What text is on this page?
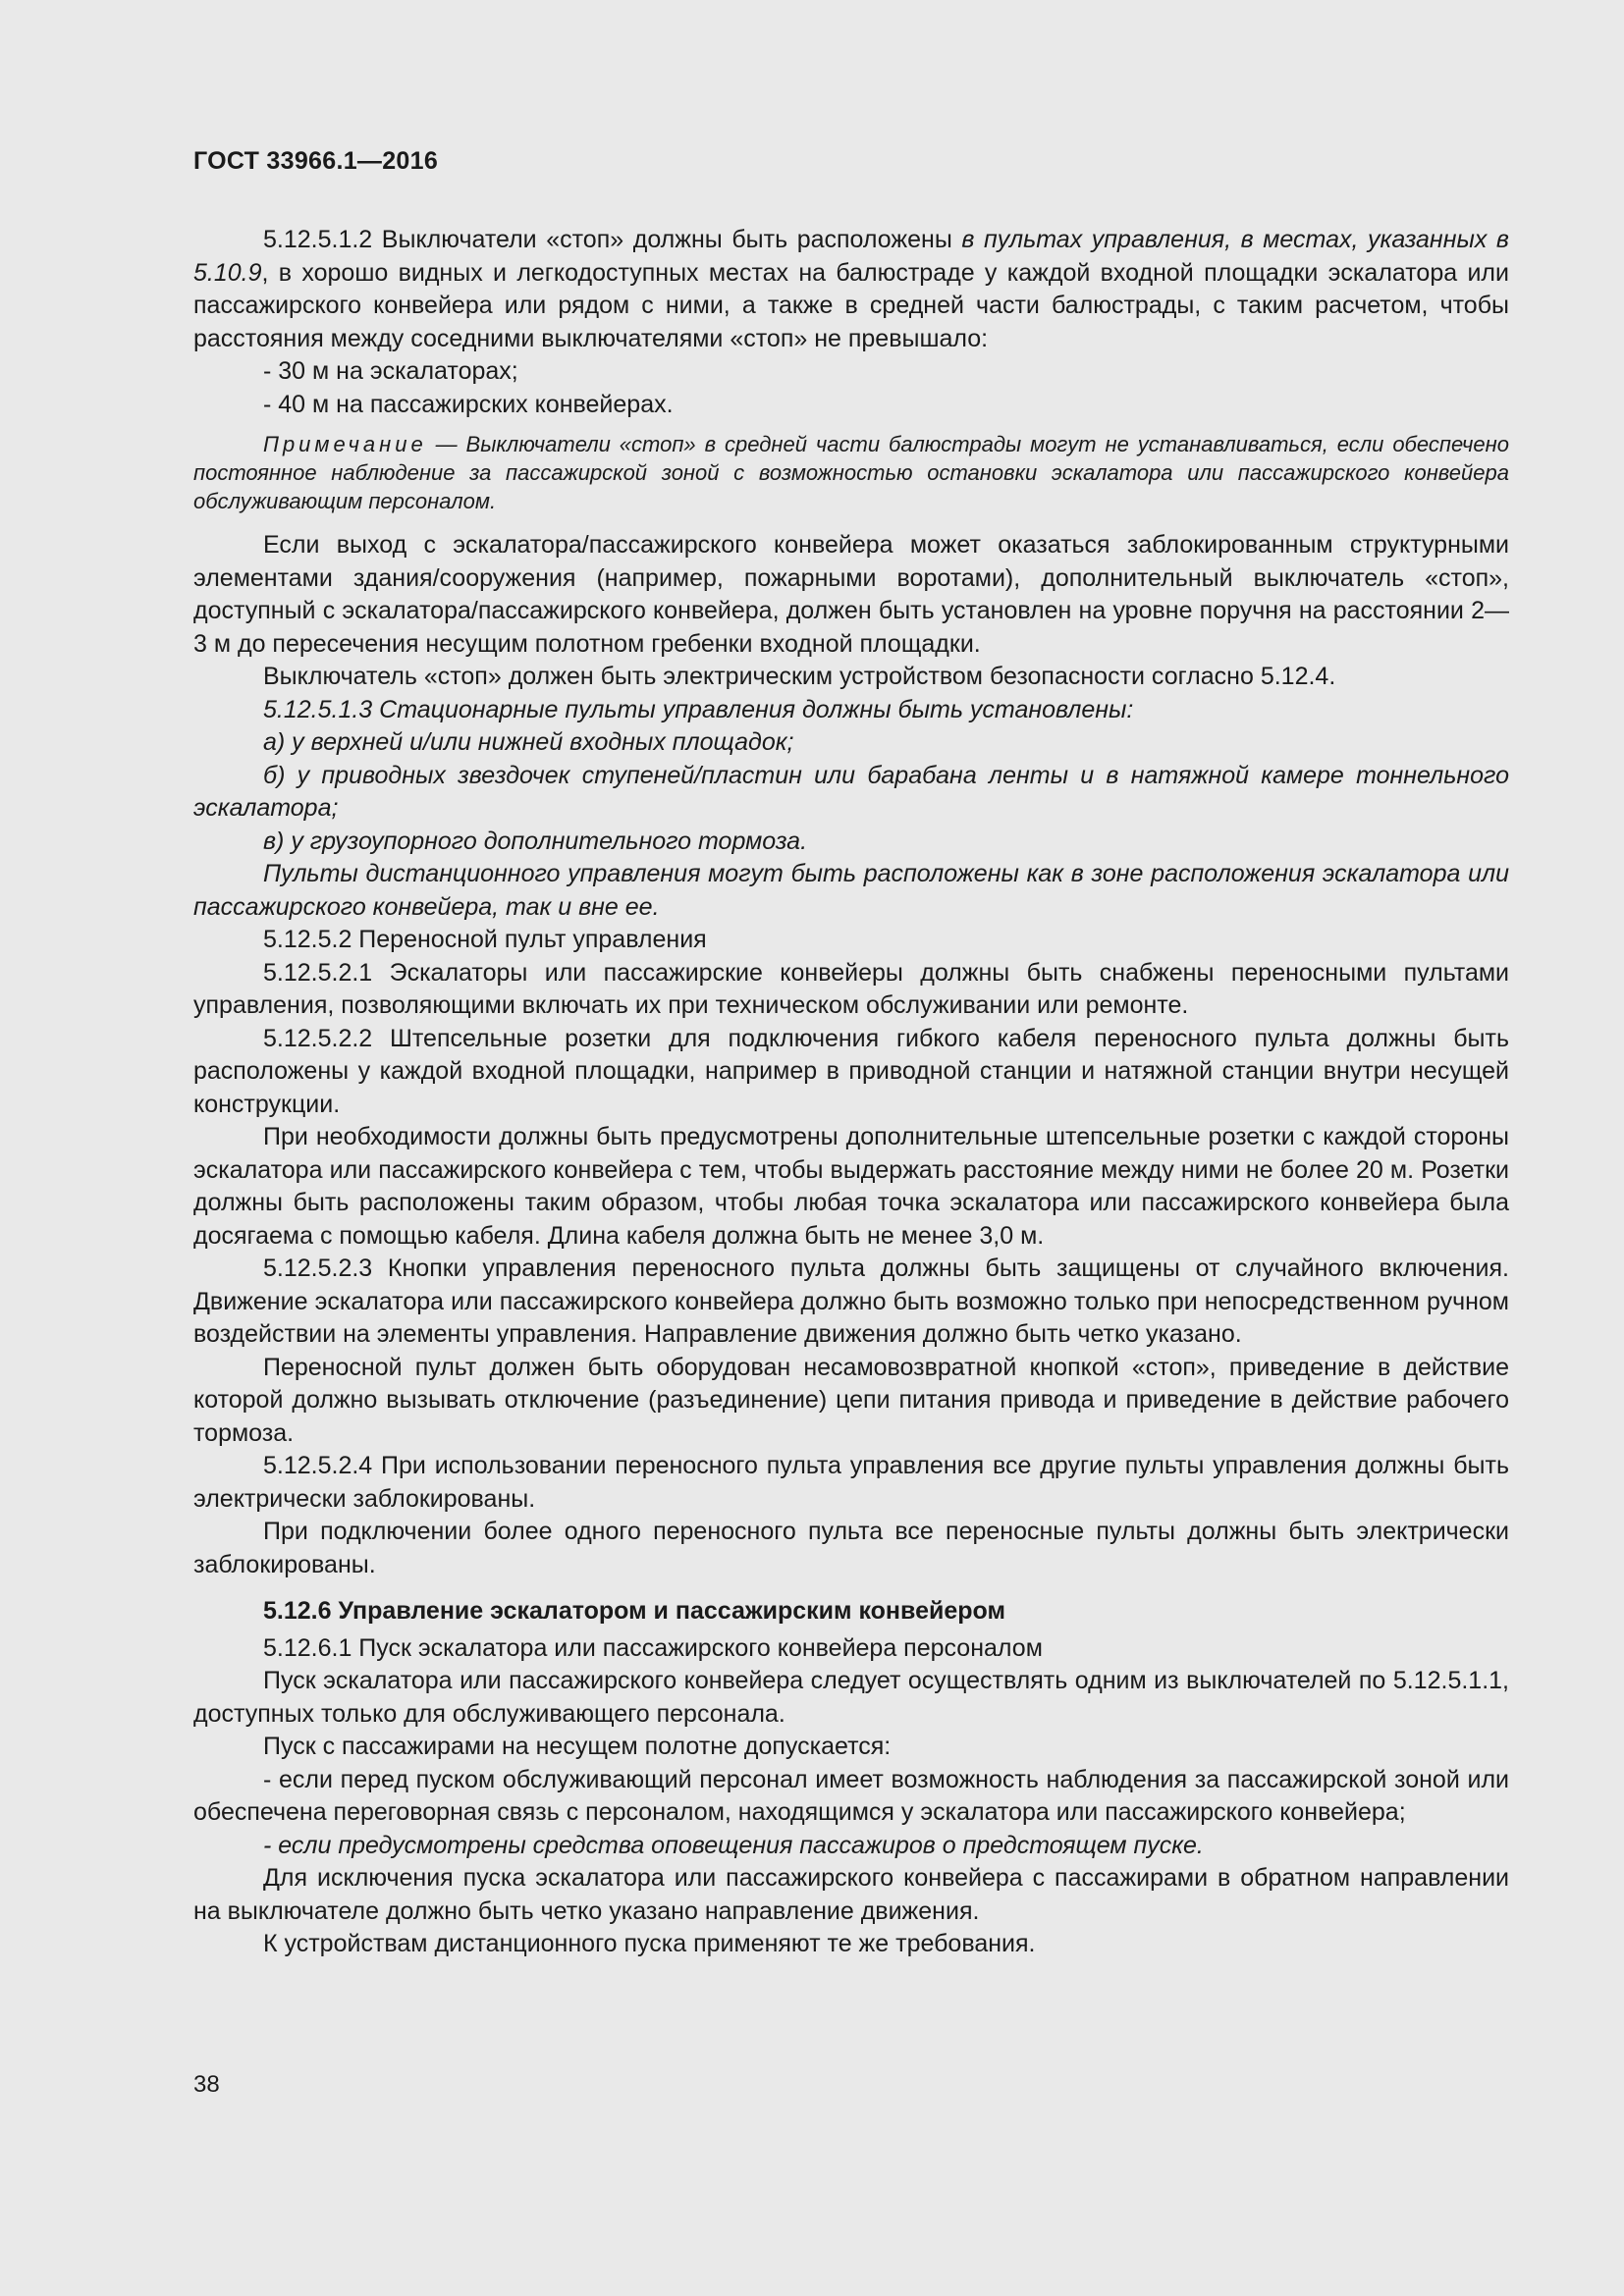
ГОСТ 33966.1—2016

5.12.5.1.2 Выключатели «стоп» должны быть расположены в пультах управления, в местах, указанных в 5.10.9, в хорошо видных и легкодоступных местах на балюстраде у каждой входной площадки эскалатора или пассажирского конвейера или рядом с ними, а также в средней части балюстрады, с таким расчетом, чтобы расстояния между соседними выключателями «стоп» не превышало:

- 30 м на эскалаторах;

- 40 м на пассажирских конвейерах.

Примечание — Выключатели «стоп» в средней части балюстрады могут не устанавливаться, если обеспечено постоянное наблюдение за пассажирской зоной с возможностью остановки эскалатора или пассажирского конвейера обслуживающим персоналом.

Если выход с эскалатора/пассажирского конвейера может оказаться заблокированным структурными элементами здания/сооружения (например, пожарными воротами), дополнительный выключатель «стоп», доступный с эскалатора/пассажирского конвейера, должен быть установлен на уровне поручня на расстоянии 2—3 м до пересечения несущим полотном гребенки входной площадки.

Выключатель «стоп» должен быть электрическим устройством безопасности согласно 5.12.4.

5.12.5.1.3 Стационарные пульты управления должны быть установлены:

а) у верхней и/или нижней входных площадок;

б) у приводных звездочек ступеней/пластин или барабана ленты и в натяжной камере тоннельного эскалатора;

в) у грузоупорного дополнительного тормоза.

Пульты дистанционного управления могут быть расположены как в зоне расположения эскалатора или пассажирского конвейера, так и вне ее.

5.12.5.2 Переносной пульт управления

5.12.5.2.1 Эскалаторы или пассажирские конвейеры должны быть снабжены переносными пультами управления, позволяющими включать их при техническом обслуживании или ремонте.

5.12.5.2.2 Штепсельные розетки для подключения гибкого кабеля переносного пульта должны быть расположены у каждой входной площадки, например в приводной станции и натяжной станции внутри несущей конструкции.

При необходимости должны быть предусмотрены дополнительные штепсельные розетки с каждой стороны эскалатора или пассажирского конвейера с тем, чтобы выдержать расстояние между ними не более 20 м. Розетки должны быть расположены таким образом, чтобы любая точка эскалатора или пассажирского конвейера была досягаема с помощью кабеля. Длина кабеля должна быть не менее 3,0 м.

5.12.5.2.3 Кнопки управления переносного пульта должны быть защищены от случайного включения. Движение эскалатора или пассажирского конвейера должно быть возможно только при непосредственном ручном воздействии на элементы управления. Направление движения должно быть четко указано.

Переносной пульт должен быть оборудован несамовозвратной кнопкой «стоп», приведение в действие которой должно вызывать отключение (разъединение) цепи питания привода и приведение в действие рабочего тормоза.

5.12.5.2.4 При использовании переносного пульта управления все другие пульты управления должны быть электрически заблокированы.

При подключении более одного переносного пульта все переносные пульты должны быть электрически заблокированы.

5.12.6 Управление эскалатором и пассажирским конвейером

5.12.6.1 Пуск эскалатора или пассажирского конвейера персоналом

Пуск эскалатора или пассажирского конвейера следует осуществлять одним из выключателей по 5.12.5.1.1, доступных только для обслуживающего персонала.

Пуск с пассажирами на несущем полотне допускается:

- если перед пуском обслуживающий персонал имеет возможность наблюдения за пассажирской зоной или обеспечена переговорная связь с персоналом, находящимся у эскалатора или пассажирского конвейера;

- если предусмотрены средства оповещения пассажиров о предстоящем пуске.

Для исключения пуска эскалатора или пассажирского конвейера с пассажирами в обратном направлении на выключателе должно быть четко указано направление движения.

К устройствам дистанционного пуска применяют те же требования.

38
